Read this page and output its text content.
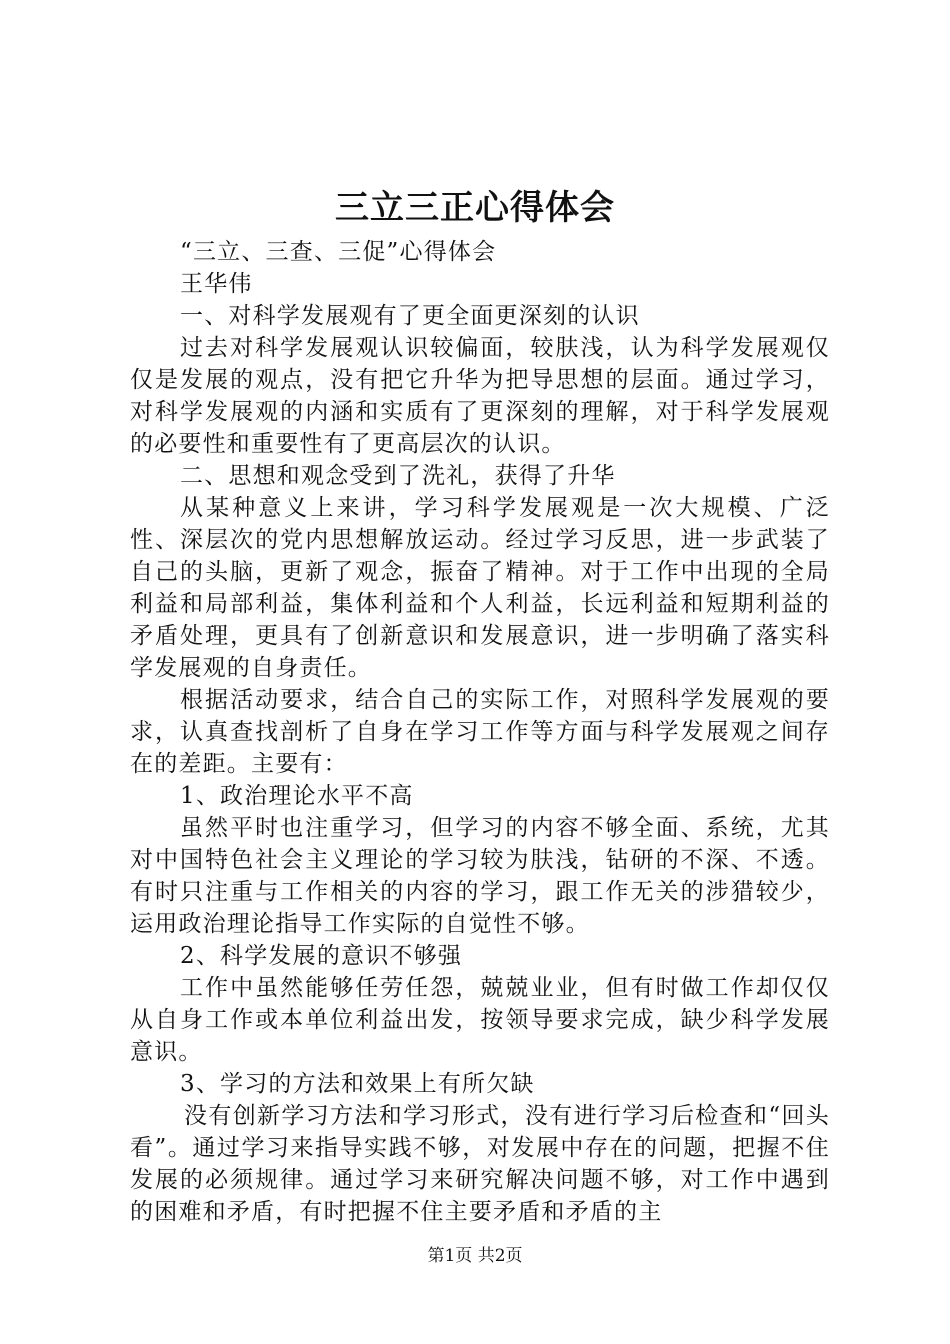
三立三正心得体会

“三立、三查、三促”心得体会

王华伟

一、对科学发展观有了更全面更深刻的认识

过去对科学发展观认识较偏面，较肤浅，认为科学发展观仅仅是发展的观点，没有把它升华为把导思想的层面。通过学习，对科学发展观的内涵和实质有了更深刻的理解，对于科学发展观的必要性和重要性有了更高层次的认识。

二、思想和观念受到了洗礼，获得了升华

从某种意义上来讲，学习科学发展观是一次大规模、广泛性、深层次的党内思想解放运动。经过学习反思，进一步武装了自己的头脑，更新了观念，振奋了精神。对于工作中出现的全局利益和局部利益，集体利益和个人利益，长远利益和短期利益的矛盾处理，更具有了创新意识和发展意识，进一步明确了落实科学发展观的自身责任。

根据活动要求，结合自己的实际工作，对照科学发展观的要求，认真查找剖析了自身在学习工作等方面与科学发展观之间存在的差距。主要有：

1、政治理论水平不高

虽然平时也注重学习，但学习的内容不够全面、系统，尤其对中国特色社会主义理论的学习较为肤浅，钻研的不深、不透。有时只注重与工作相关的内容的学习，跟工作无关的涉猎较少，运用政治理论指导工作实际的自觉性不够。

2、科学发展的意识不够强

工作中虽然能够任劳任怨，兢兢业业，但有时做工作却仅仅从自身工作或本单位利益出发，按领导要求完成，缺少科学发展意识。

3、学习的方法和效果上有所欠缺

没有创新学习方法和学习形式，没有进行学习后检查和“回头看”。通过学习来指导实践不够，对发展中存在的问题，把握不住发展的必须规律。通过学习来研究解决问题不够，对工作中遇到的困难和矛盾，有时把握不住主要矛盾和矛盾的主

第1页 共2页
